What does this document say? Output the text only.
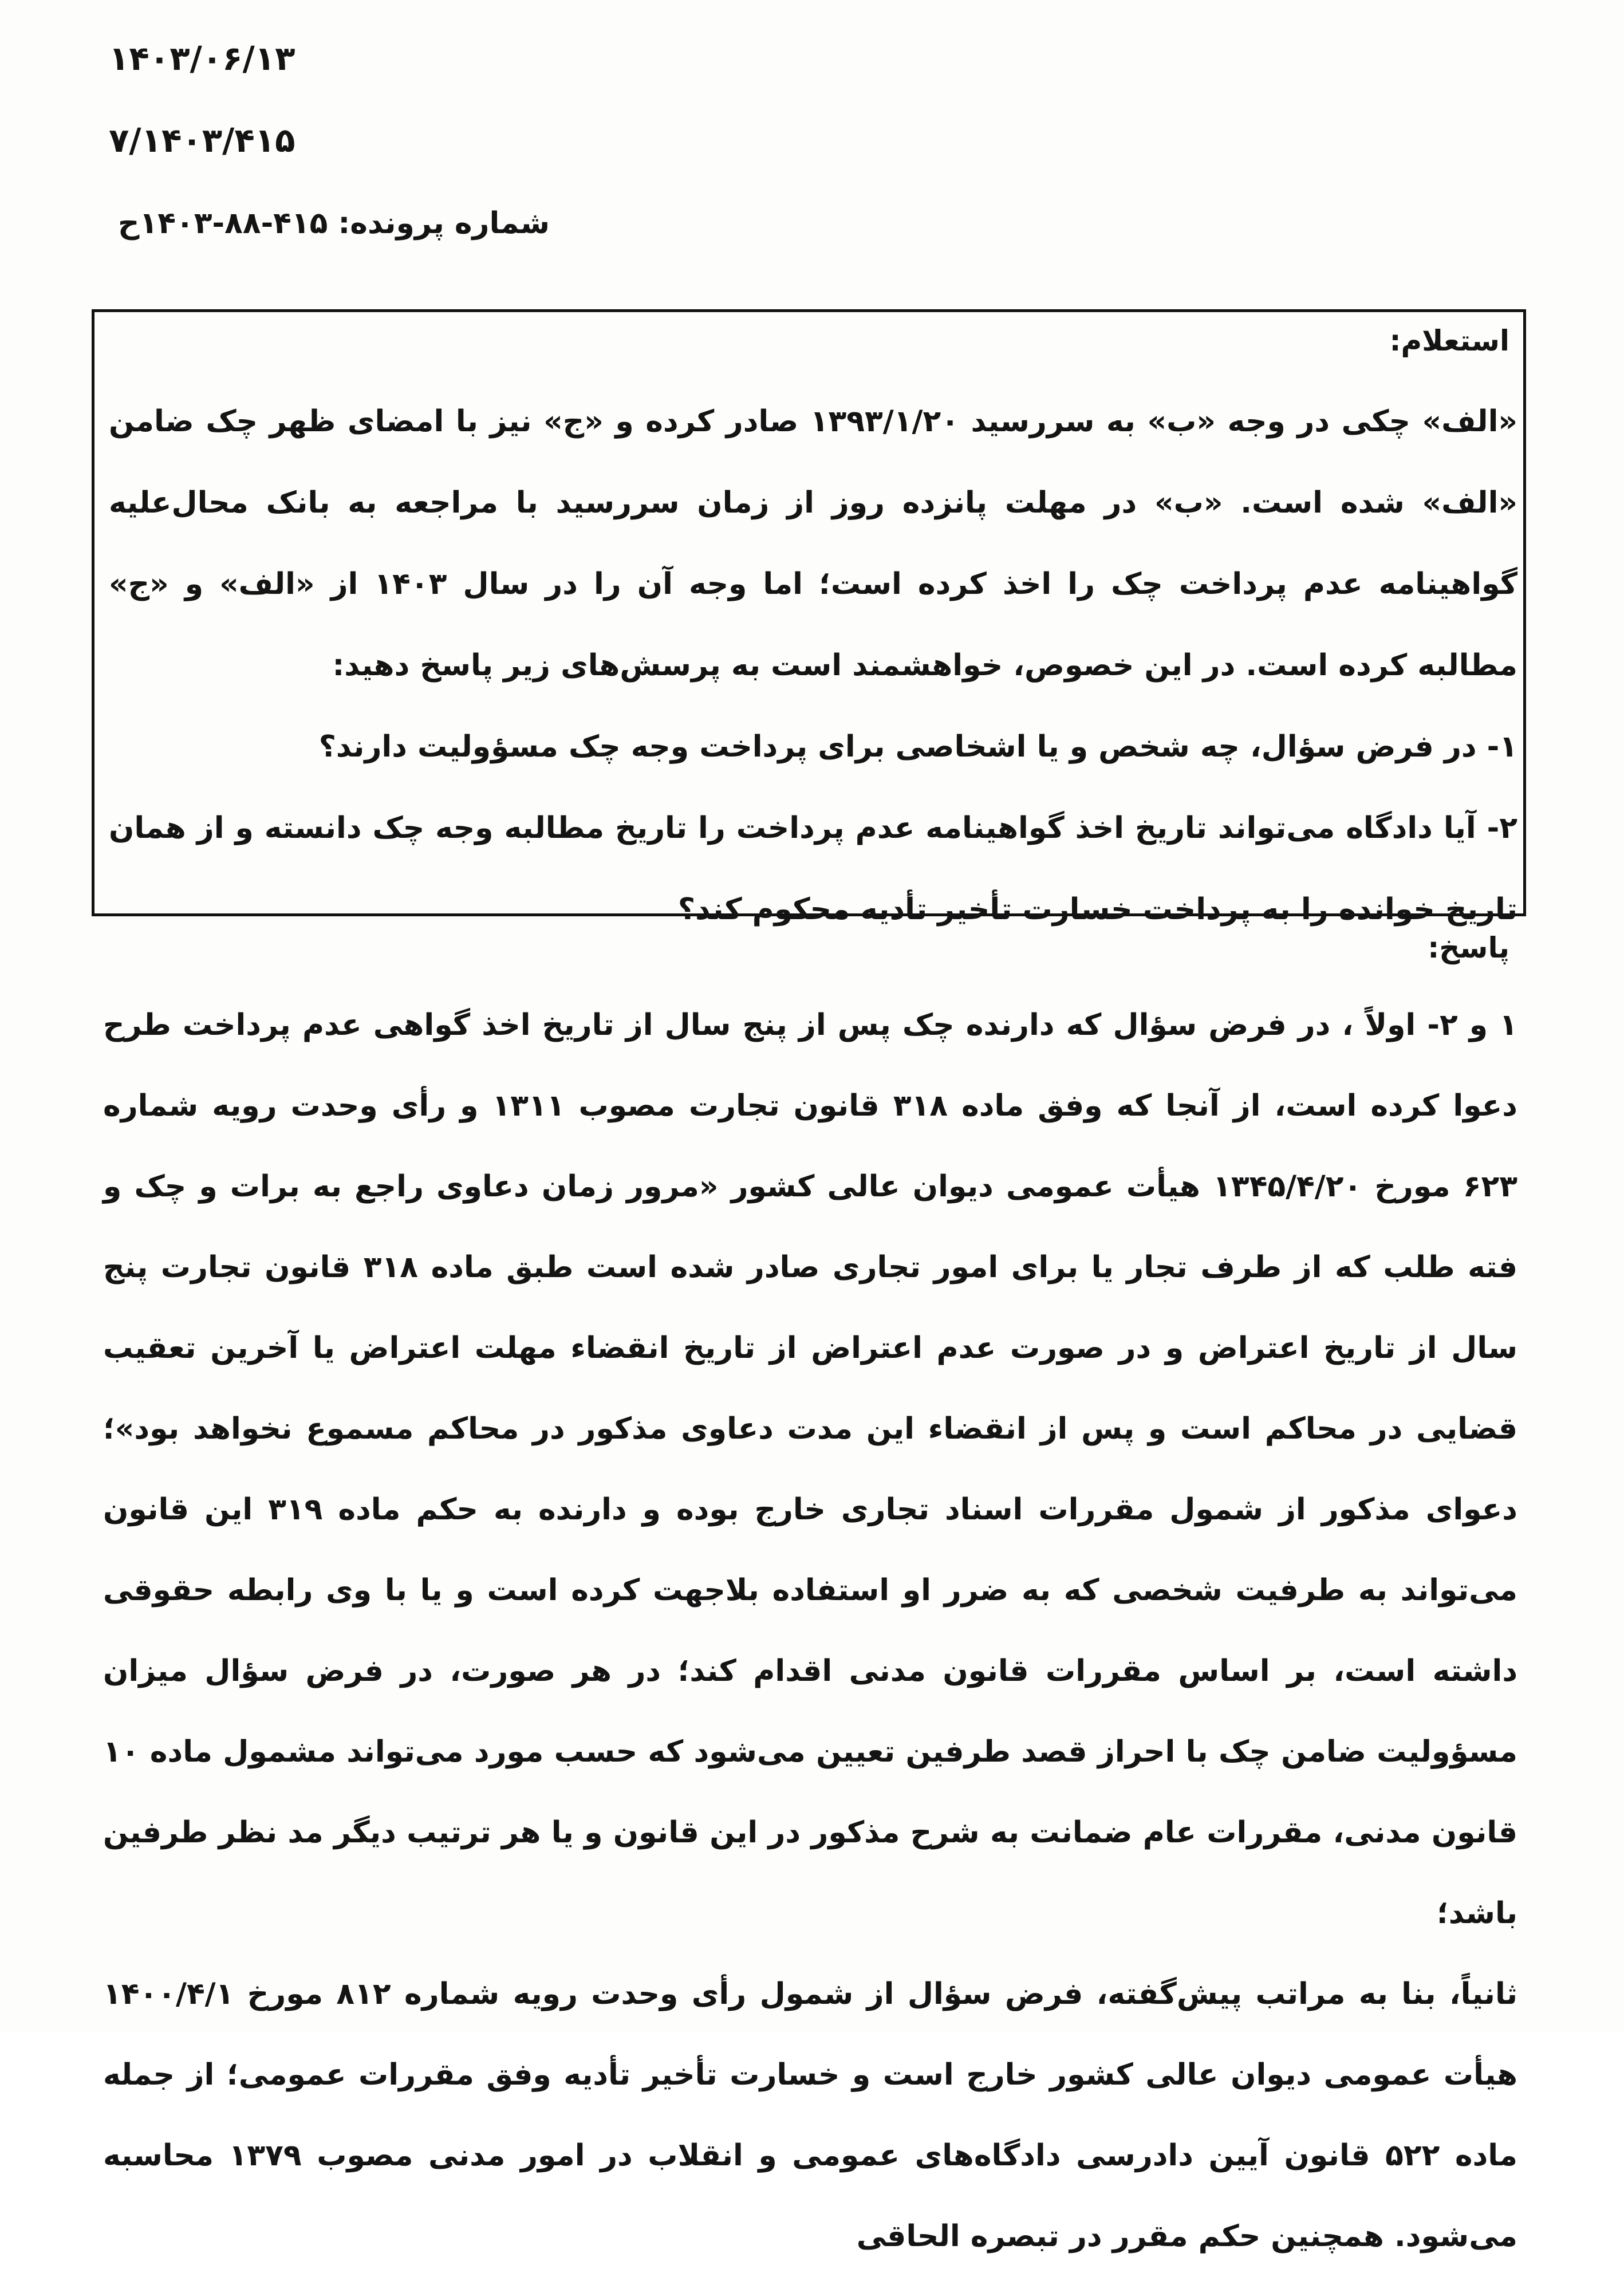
۱۴۰۳/۰۶/۱۳
۷/۱۴۰۳/۴۱۵
شماره پرونده: ۴۱۵-۸۸-۱۴۰۳ح
استعلام:
«الف» چکی در وجه «ب» به سررسید ۱۳۹۳/۱/۲۰ صادر کرده و «ج» نیز با امضای ظهر چک ضامن «الف» شده است. «ب» در مهلت پانزده روز از زمان سررسید با مراجعه به بانک محال‌علیه گواهینامه عدم پرداخت چک را اخذ کرده است؛ اما وجه آن را در سال ۱۴۰۳ از «الف» و «ج» مطالبه کرده است. در این خصوص، خواهشمند است به پرسش‌های زیر پاسخ دهید:
۱- در فرض سؤال، چه شخص و یا اشخاصی برای پرداخت وجه چک مسؤولیت دارند؟
۲- آیا دادگاه می‌تواند تاریخ اخذ گواهینامه عدم پرداخت را تاریخ مطالبه وجه چک دانسته و از همان تاریخ خوانده را به پرداخت خسارت تأخیر تأدیه محکوم کند؟
پاسخ:
۱ و ۲- اولاً ، در فرض سؤال که دارنده چک پس از پنج سال از تاریخ اخذ گواهی عدم پرداخت طرح دعوا کرده است، از آنجا که وفق ماده ۳۱۸ قانون تجارت مصوب ۱۳۱۱ و رأی وحدت رویه شماره ۶۲۳ مورخ ۱۳۴۵/۴/۲۰ هیأت عمومی دیوان عالی کشور «مرور زمان دعاوی راجع به برات و چک و فته طلب که از طرف تجار یا برای امور تجاری صادر شده است طبق ماده ۳۱۸ قانون تجارت پنج سال از تاریخ اعتراض و در صورت عدم اعتراض از تاریخ انقضاء مهلت اعتراض یا آخرین تعقیب قضایی در محاکم است و پس از انقضاء این مدت دعاوی مذکور در محاکم مسموع نخواهد بود»؛ دعوای مذکور از شمول مقررات اسناد تجاری خارج بوده و دارنده به حکم ماده ۳۱۹ این قانون می‌تواند به طرفیت شخصی که به ضرر او استفاده بلاجهت کرده است و یا با وی رابطه حقوقی داشته است، بر اساس مقررات قانون مدنی اقدام کند؛ در هر صورت، در فرض سؤال میزان مسؤولیت ضامن چک با احراز قصد طرفین تعیین می‌شود که حسب مورد می‌تواند مشمول ماده ۱۰ قانون مدنی، مقررات عام ضمانت به شرح مذکور در این قانون و یا هر ترتیب دیگر مد نظر طرفین باشد؛
ثانیاً، بنا به مراتب پیش‌گفته، فرض سؤال از شمول رأی وحدت رویه شماره ۸۱۲ مورخ ۱۴۰۰/۴/۱ هیأت عمومی دیوان عالی کشور خارج است و خسارت تأخیر تأدیه وفق مقررات عمومی؛ از جمله ماده ۵۲۲ قانون آیین دادرسی دادگاه‌های عمومی و انقلاب در امور مدنی مصوب ۱۳۷۹ محاسبه می‌شود. همچنین حکم مقرر در تبصره الحاقی
